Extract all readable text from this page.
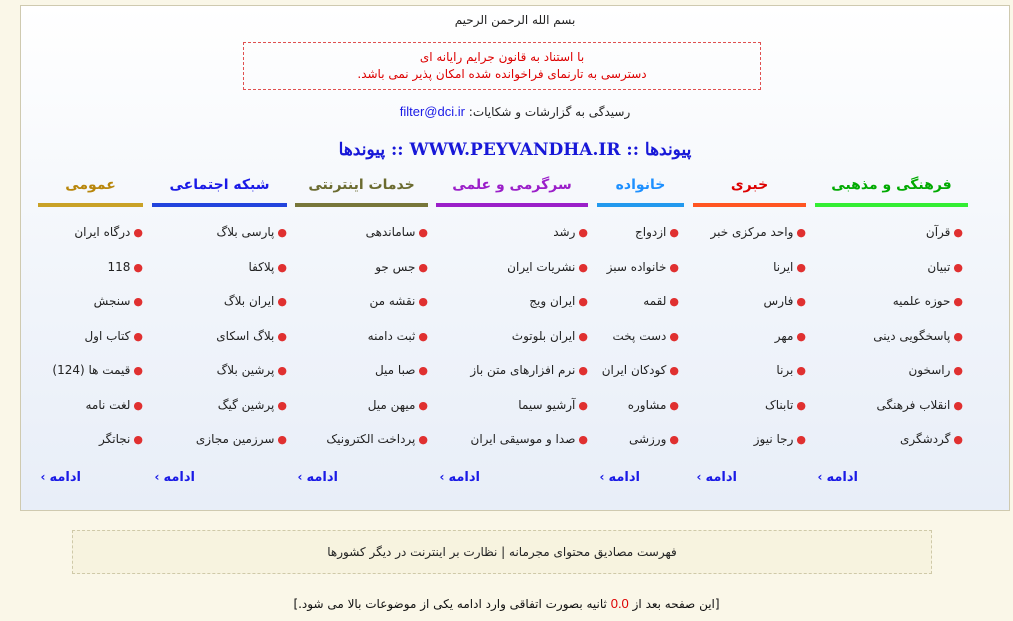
بسم الله الرحمن الرحيم
با استناد به قانون جرایم رایانه ای
دسترسی به تارنمای فراخوانده شده امکان پذیر نمی باشد.
رسیدگی به گزارشات و شکایات: filter@dci.ir
پیوندها :: WWW.PEYVANDHA.IR :: پیوندها
فرهنگی و مذهبی
●قرآن
●تبیان
●حوزه علمیه
●پاسخگویی دینی
●راسخون
●انقلاب فرهنگی
●گردشگری
خبری
●واحد مرکزی خبر
●ایرنا
●فارس
●مهر
●برنا
●تابناک
●رجا نیوز
خانواده
●ازدواج
●خانواده سبز
●لقمه
●دست پخت
●کودکان ایران
●مشاوره
●ورزشی
سرگرمی و علمی
●رشد
●نشریات ایران
●ایران ویج
●ایران بلوتوث
●نرم افزارهای متن باز
●آرشیو سیما
●صدا و موسیقی ایران
خدمات اینترنتی
●ساماندهی
●جس جو
●نقشه من
●ثبت دامنه
●صبا میل
●میهن میل
●پرداخت الکترونیک
شبکه اجتماعی
●پارسی بلاگ
●پلاکفا
●ایران بلاگ
●بلاگ اسکای
●پرشین بلاگ
●پرشین گیگ
●سرزمین مجازی
عمومی
●درگاه ایران
●118
●سنجش
●کتاب اول
●قیمت ها (124)
●لغت نامه
●نجاتگر
ادامه›
ادامه›
ادامه›
ادامه›
ادامه›
ادامه›
ادامه›
فهرست مصادیق محتوای مجرمانه | نظارت بر اینترنت در دیگر کشورها
[این صفحه بعد از 0.0 ثانیه بصورت اتفاقی وارد ادامه یکی از موضوعات بالا می شود.]
